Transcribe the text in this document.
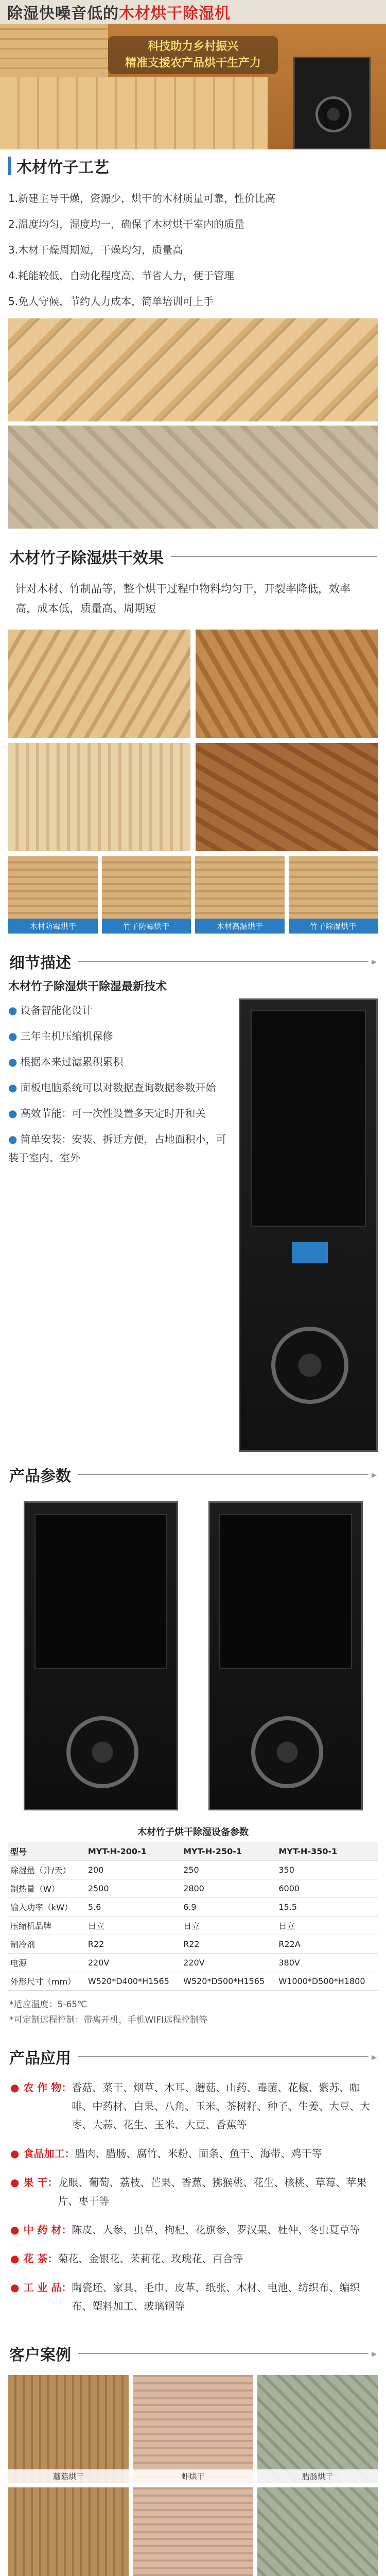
除湿快噪音低的木材烘干除湿机
科技助力乡村振兴
精准支援农产品烘干生产力
木材竹子工艺

1.新建主导干燥，资源少，烘干的木材质量可靠，性价比高

2.温度均匀，湿度均一，确保了木材烘干室内的质量

3.木材干燥周期短，干燥均匀，质量高

4.耗能较低，自动化程度高，节省人力，便于管理

5.免人守候，节约人力成本，简单培训可上手

木材竹子除湿烘干效果

针对木材、竹制品等，整个烘干过程中物料均匀干，开裂率降低，效率高，成本低，质量高、周期短

木材防霉烘干	竹子防霉烘干	木材高温烘干	竹子除湿烘干
细节描述	▸
木材竹子除湿烘干除湿最新技术

● 设备智能化设计

● 三年主机压缩机保修

● 根据本来过滤累积累积

● 面板电脑系统可以对数据查询数据参数开始

● 高效节能：可一次性设置多天定时开和关

● 简单安装：安装、拆迁方便，占地面积小，可装于室内、室外

产品参数	▸
木材竹子烘干除湿设备参数
型号	MYT-H-200-1	MYT-H-250-1	MYT-H-350-1
除湿量（升/天）	200	250	350
制热量（W）	2500	2800	6000
输入功率（kW）	5.6	6.9	15.5
压缩机品牌	日立	日立	日立
制冷剂	R22	R22	R22A
电源	220V	220V	380V
外形尺寸（mm）	W520*D400*H1565	W520*D500*H1565	W1000*D500*H1800

*适应温度：5-65℃

*可定制远程控制：带离开机，手机WIFI远程控制等

产品应用	▸
● 农 作 物： 香菇、菜干、烟草、木耳、蘑菇、山药、毒菌、花椒、紫苏、咖啡、中药材、白果、八角、玉米、茶树籽、种子、生姜、大豆、大枣、大蒜、花生、玉米、大豆、香蕉等
● 食品加工： 腊肉、腊肠、腐竹、米粉、面条、鱼干、海带、鸡干等
● 果 干： 龙眼、葡萄、荔枝、芒果、香蕉、猕猴桃、花生、核桃、草莓、苹果片、枣干等
● 中 药 材： 陈皮、人参、虫草、枸杞、花旗参、罗汉果、杜仲、冬虫夏草等
● 花 茶： 菊花、金银花、茉莉花、玫瑰花、百合等
● 工 业 品： 陶瓷坯、家具、毛巾、皮革、纸张、木材、电池、纺织布、编织布、塑料加工、玻璃钢等
客户案例	▸
蘑菇烘干	虾烘干	腊肠烘干
